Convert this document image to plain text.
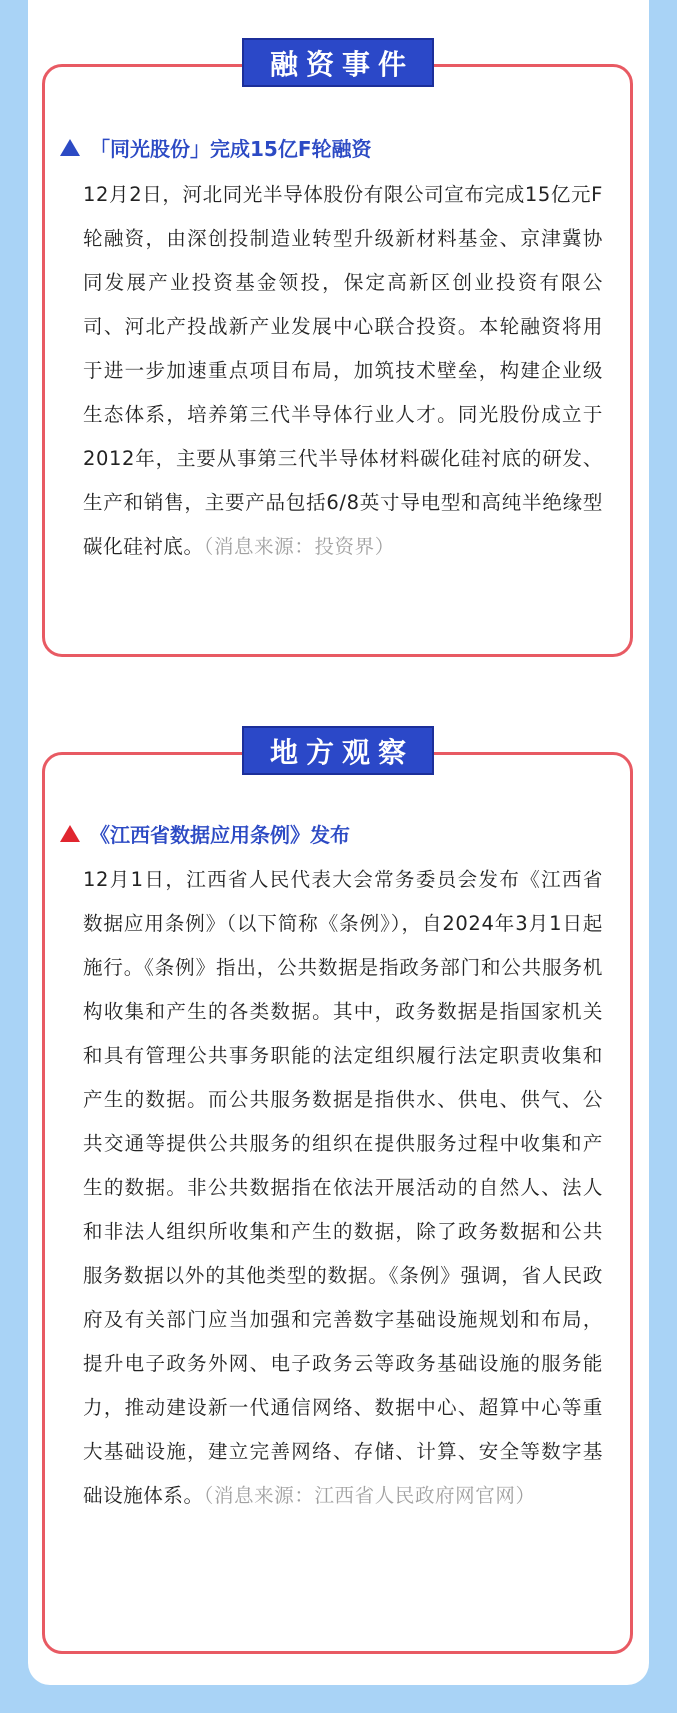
融资事件
「同光股份」完成15亿F轮融资
12月2日，河北同光半导体股份有限公司宣布完成15亿元F轮融资，由深创投制造业转型升级新材料基金、京津冀协同发展产业投资基金领投，保定高新区创业投资有限公司、河北产投战新产业发展中心联合投资。本轮融资将用于进一步加速重点项目布局，加筑技术壁垒，构建企业级生态体系，培养第三代半导体行业人才。同光股份成立于2012年，主要从事第三代半导体材料碳化硅衬底的研发、生产和销售，主要产品包括6/8英寸导电型和高纯半绝缘型碳化硅衬底。（消息来源：投资界）
地方观察
《江西省数据应用条例》发布
12月1日，江西省人民代表大会常务委员会发布《江西省数据应用条例》（以下简称《条例》），自2024年3月1日起施行。《条例》指出，公共数据是指政务部门和公共服务机构收集和产生的各类数据。其中，政务数据是指国家机关和具有管理公共事务职能的法定组织履行法定职责收集和产生的数据。而公共服务数据是指供水、供电、供气、公共交通等提供公共服务的组织在提供服务过程中收集和产生的数据。非公共数据指在依法开展活动的自然人、法人和非法人组织所收集和产生的数据，除了政务数据和公共服务数据以外的其他类型的数据。《条例》强调，省人民政府及有关部门应当加强和完善数字基础设施规划和布局，提升电子政务外网、电子政务云等政务基础设施的服务能力，推动建设新一代通信网络、数据中心、超算中心等重大基础设施，建立完善网络、存储、计算、安全等数字基础设施体系。（消息来源：江西省人民政府网官网）
